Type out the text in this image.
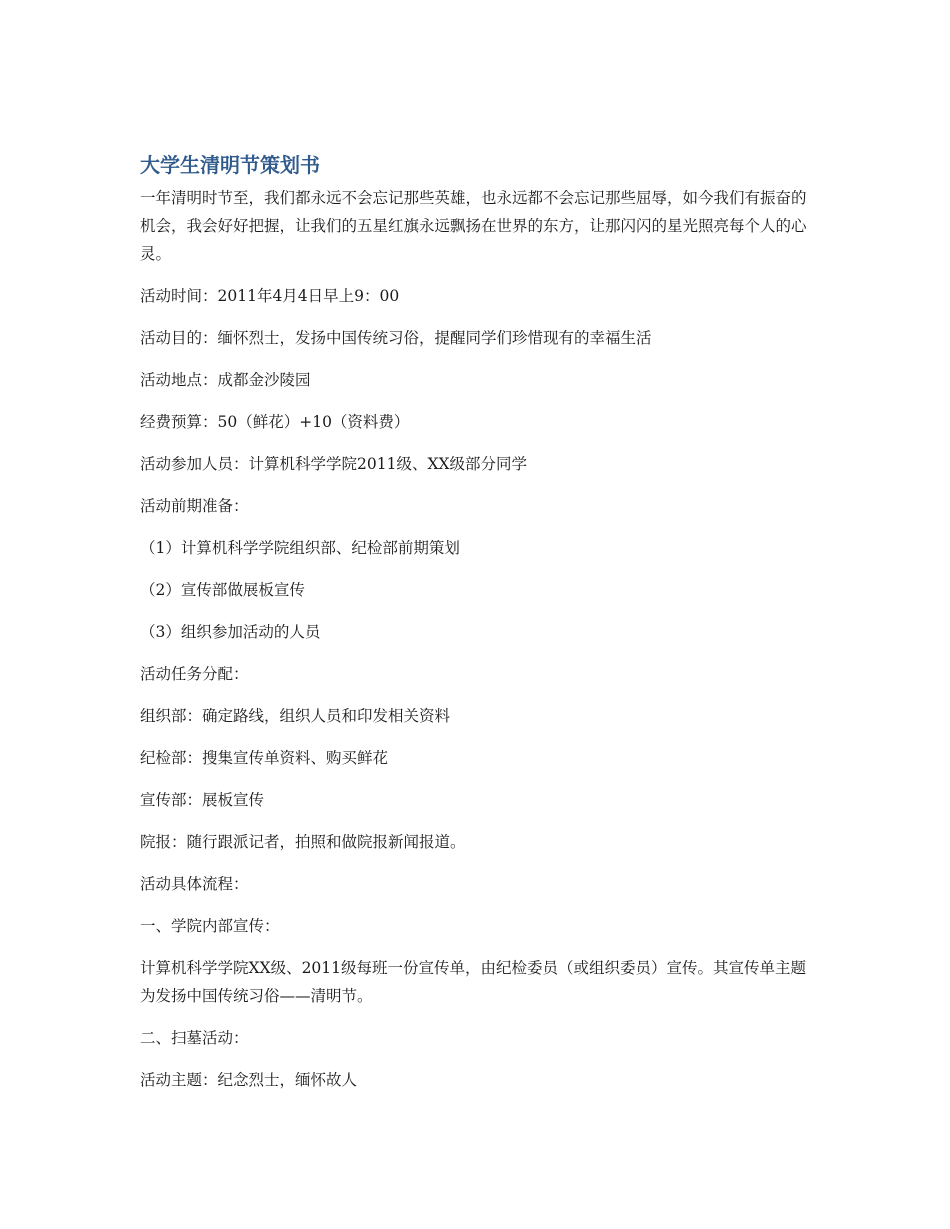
大学生清明节策划书
一年清明时节至，我们都永远不会忘记那些英雄，也永远都不会忘记那些屈辱，如今我们有振奋的机会，我会好好把握，让我们的五星红旗永远飘扬在世界的东方，让那闪闪的星光照亮每个人的心灵。
活动时间：2011年4月4日早上9：00
活动目的：缅怀烈士，发扬中国传统习俗，提醒同学们珍惜现有的幸福生活
活动地点：成都金沙陵园
经费预算：50（鲜花）+10（资料费）
活动参加人员：计算机科学学院2011级、XX级部分同学
活动前期准备：
（1）计算机科学学院组织部、纪检部前期策划
（2）宣传部做展板宣传
（3）组织参加活动的人员
活动任务分配：
组织部：确定路线，组织人员和印发相关资料
纪检部：搜集宣传单资料、购买鲜花
宣传部：展板宣传
院报：随行跟派记者，拍照和做院报新闻报道。
活动具体流程：
一、学院内部宣传：
计算机科学学院XX级、2011级每班一份宣传单，由纪检委员（或组织委员）宣传。其宣传单主题为发扬中国传统习俗——清明节。
二、扫墓活动：
活动主题：纪念烈士，缅怀故人
